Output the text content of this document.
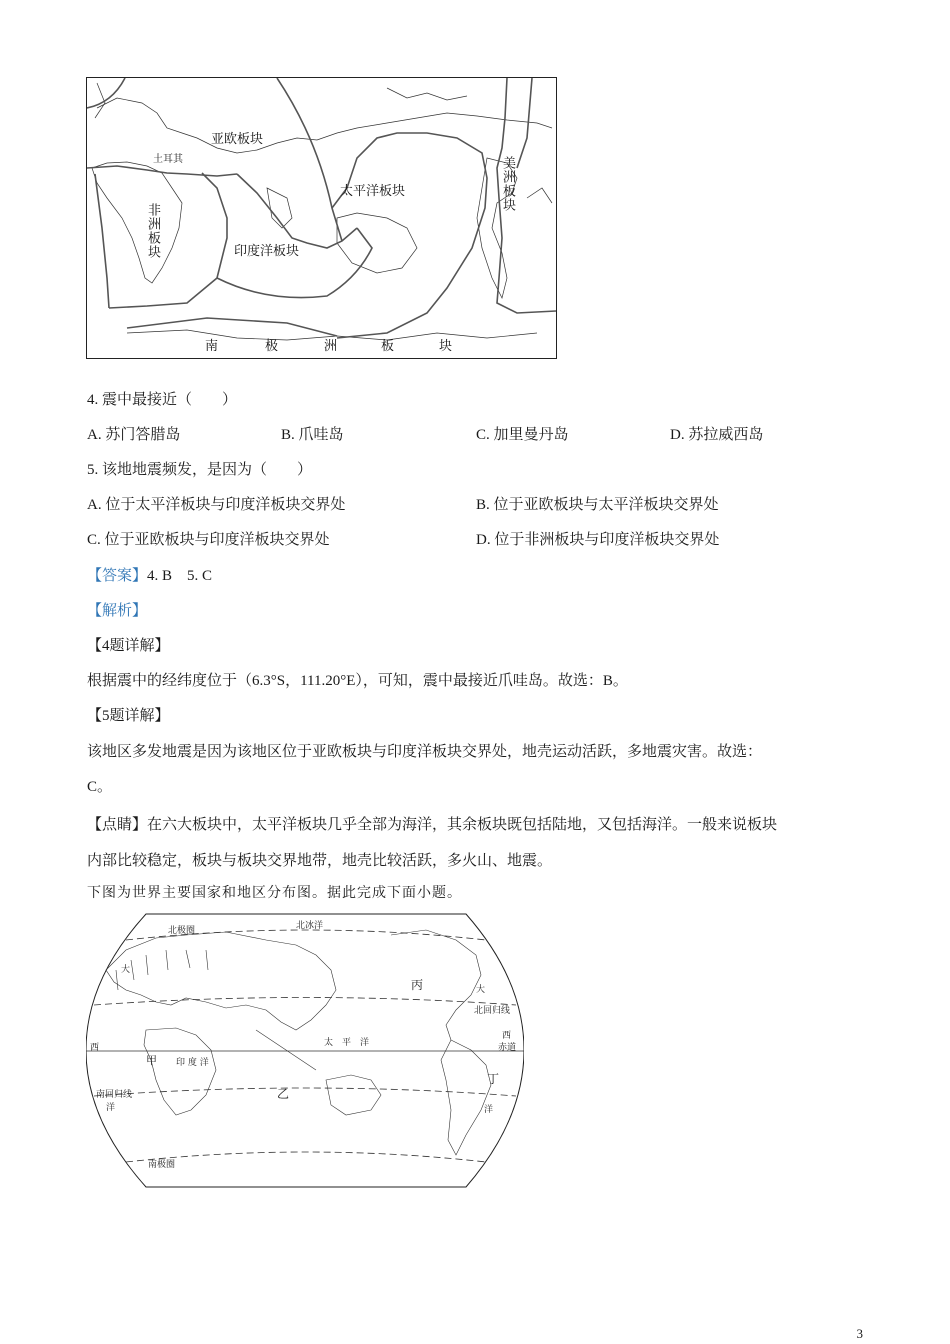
亚欧板块
土耳其
非洲板块	印度洋板块
太平洋板块	美洲板块
南	极	洲	板	块
4. 震中最接近（　　）
A. 苏门答腊岛	B. 爪哇岛	C. 加里曼丹岛	D. 苏拉威西岛
5. 该地地震频发，是因为（　　）
A. 位于太平洋板块与印度洋板块交界处	B. 位于亚欧板块与太平洋板块交界处
C. 位于亚欧板块与印度洋板块交界处	D. 位于非洲板块与印度洋板块交界处
【答案】4. B　5. C
【解析】
【4题详解】
根据震中的经纬度位于（6.3°S，111.20°E），可知，震中最接近爪哇岛。故选：B。
【5题详解】
该地区多发地震是因为该地区位于亚欧板块与印度洋板块交界处，地壳运动活跃，多地震灾害。故选：
C。
【点睛】在六大板块中，太平洋板块几乎全部为海洋，其余板块既包括陆地，又包括海洋。一般来说板块
内部比较稳定，板块与板块交界地带，地壳比较活跃，多火山、地震。
下图为世界主要国家和地区分布图。据此完成下面小题。
北极圈	北冰洋
大
大
西
西
丙
北回归线
赤道
甲 印 度 洋
太　平　洋
乙
丁
南回归线
洋	洋
南极圈
3
